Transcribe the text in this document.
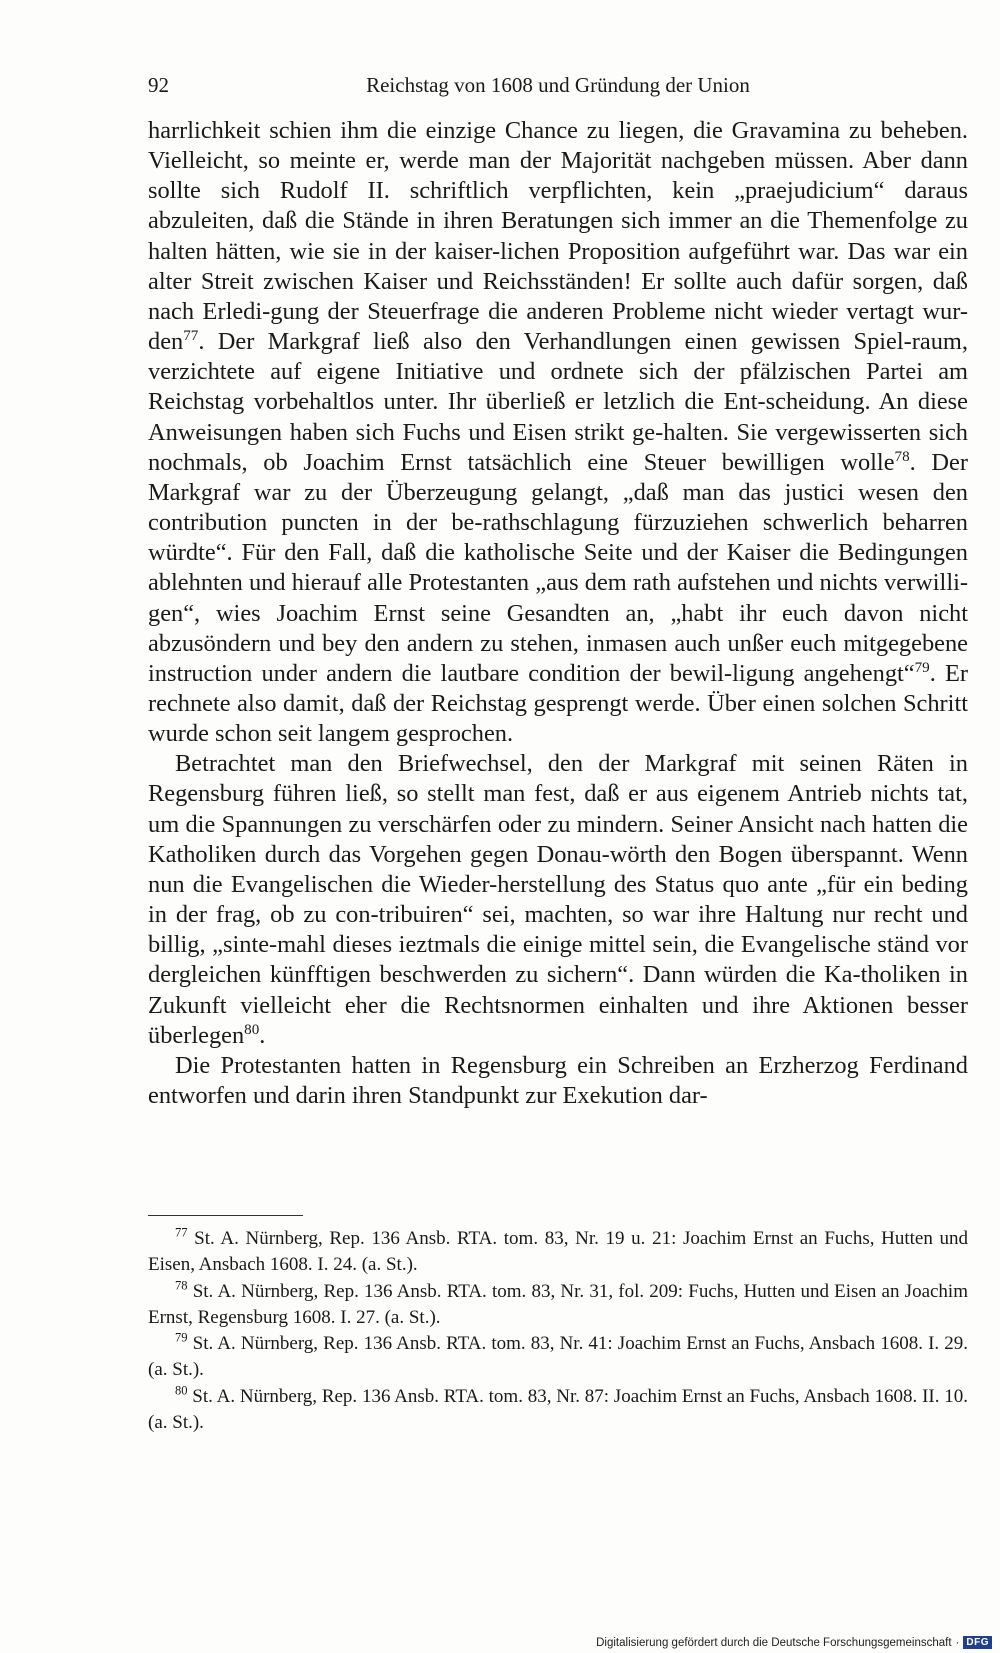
92	Reichstag von 1608 und Gründung der Union

harrlichkeit schien ihm die einzige Chance zu liegen, die Gravamina zu beheben. Vielleicht, so meinte er, werde man der Majorität nachgeben müssen. Aber dann sollte sich Rudolf II. schriftlich verpflichten, kein „praejudicium“ daraus abzuleiten, daß die Stände in ihren Beratungen sich immer an die Themenfolge zu halten hätten, wie sie in der kaiser-lichen Proposition aufgeführt war. Das war ein alter Streit zwischen Kaiser und Reichsständen! Er sollte auch dafür sorgen, daß nach Erledi-gung der Steuerfrage die anderen Probleme nicht wieder vertagt wur-den$^{77}$. Der Markgraf ließ also den Verhandlungen einen gewissen Spiel-raum, verzichtete auf eigene Initiative und ordnete sich der pfälzischen Partei am Reichstag vorbehaltlos unter. Ihr überließ er letzlich die Ent-scheidung. An diese Anweisungen haben sich Fuchs und Eisen strikt ge-halten. Sie vergewisserten sich nochmals, ob Joachim Ernst tatsächlich eine Steuer bewilligen wolle$^{78}$. Der Markgraf war zu der Überzeugung gelangt, „daß man das justici wesen den contribution puncten in der be-rathschlagung fürzuziehen schwerlich beharren würdte“. Für den Fall, daß die katholische Seite und der Kaiser die Bedingungen ablehnten und hierauf alle Protestanten „aus dem rath aufstehen und nichts verwilli-gen“, wies Joachim Ernst seine Gesandten an, „habt ihr euch davon nicht abzusöndern und bey den andern zu stehen, inmasen auch unßer euch mitgegebene instruction under andern die lautbare condition der bewil-ligung angehengt“$^{79}$. Er rechnete also damit, daß der Reichstag gesprengt werde. Über einen solchen Schritt wurde schon seit langem gesprochen.

Betrachtet man den Briefwechsel, den der Markgraf mit seinen Räten in Regensburg führen ließ, so stellt man fest, daß er aus eigenem Antrieb nichts tat, um die Spannungen zu verschärfen oder zu mindern. Seiner Ansicht nach hatten die Katholiken durch das Vorgehen gegen Donau-wörth den Bogen überspannt. Wenn nun die Evangelischen die Wieder-herstellung des Status quo ante „für ein beding in der frag, ob zu con-tribuiren“ sei, machten, so war ihre Haltung nur recht und billig, „sinte-mahl dieses ieztmals die einige mittel sein, die Evangelische ständ vor dergleichen künfftigen beschwerden zu sichern“. Dann würden die Ka-tholiken in Zukunft vielleicht eher die Rechtsnormen einhalten und ihre Aktionen besser überlegen$^{80}$.

Die Protestanten hatten in Regensburg ein Schreiben an Erzherzog Ferdinand entworfen und darin ihren Standpunkt zur Exekution dar-

$^{77}$ St. A. Nürnberg, Rep. 136 Ansb. RTA. tom. 83, Nr. 19 u. 21: Joachim Ernst an Fuchs, Hutten und Eisen, Ansbach 1608. I. 24. (a. St.).

$^{78}$ St. A. Nürnberg, Rep. 136 Ansb. RTA. tom. 83, Nr. 31, fol. 209: Fuchs, Hutten und Eisen an Joachim Ernst, Regensburg 1608. I. 27. (a. St.).

$^{79}$ St. A. Nürnberg, Rep. 136 Ansb. RTA. tom. 83, Nr. 41: Joachim Ernst an Fuchs, Ansbach 1608. I. 29. (a. St.).

$^{80}$ St. A. Nürnberg, Rep. 136 Ansb. RTA. tom. 83, Nr. 87: Joachim Ernst an Fuchs, Ansbach 1608. II. 10. (a. St.).

Digitalisierung gefördert durch die Deutsche Forschungsgemeinschaft · DFG
